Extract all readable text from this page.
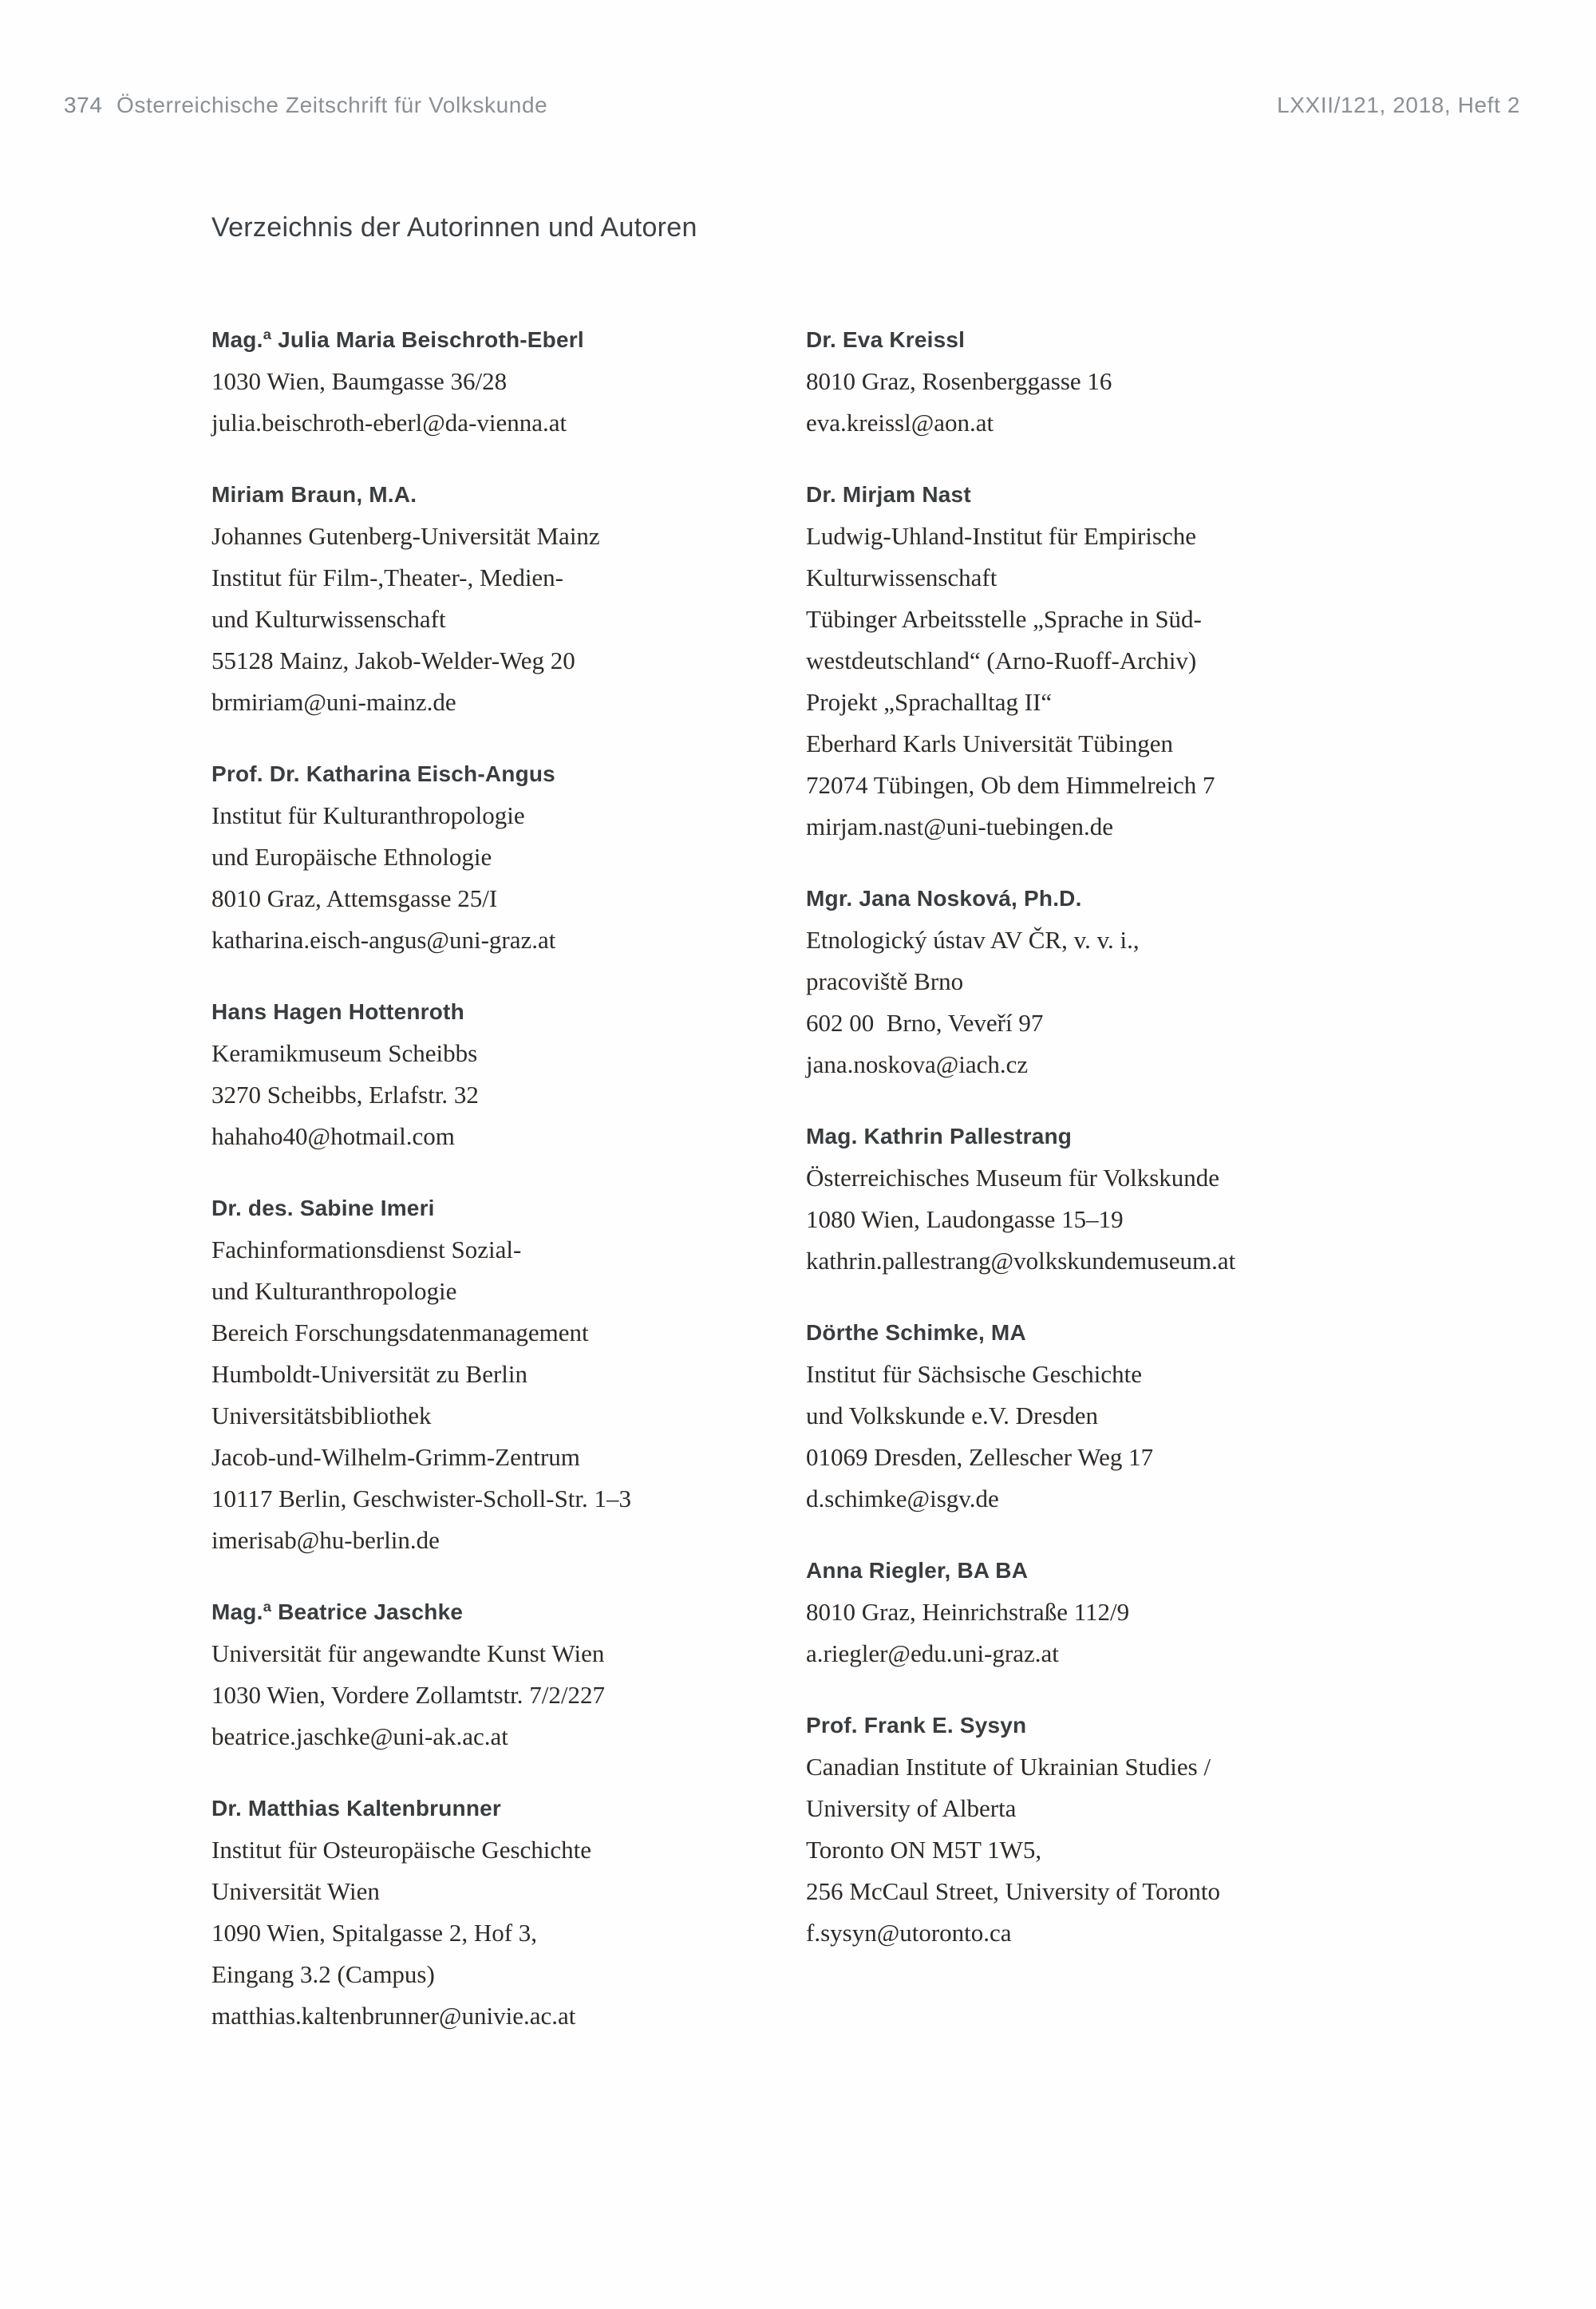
374 Österreichische Zeitschrift für Volkskunde	LXXII/121, 2018, Heft 2
Verzeichnis der Autorinnen und Autoren
Mag.ª Julia Maria Beischroth-Eberl
1030 Wien, Baumgasse 36/28
julia.beischroth-eberl@da-vienna.at
Miriam Braun, M.A.
Johannes Gutenberg-Universität Mainz
Institut für Film-,Theater-, Medien-
und Kulturwissenschaft
55128 Mainz, Jakob-Welder-Weg 20
brmiriam@uni-mainz.de
Prof. Dr. Katharina Eisch-Angus
Institut für Kulturanthropologie
und Europäische Ethnologie
8010 Graz, Attemsgasse 25/I
katharina.eisch-angus@uni-graz.at
Hans Hagen Hottenroth
Keramikmuseum Scheibbs
3270 Scheibbs, Erlafstr. 32
hahaho40@hotmail.com
Dr. des. Sabine Imeri
Fachinformationsdienst Sozial-
und Kulturanthropologie
Bereich Forschungsdatenmanagement
Humboldt-Universität zu Berlin
Universitätsbibliothek
Jacob-und-Wilhelm-Grimm-Zentrum
10117 Berlin, Geschwister-Scholl-Str. 1–3
imerisab@hu-berlin.de
Mag.ª Beatrice Jaschke
Universität für angewandte Kunst Wien
1030 Wien, Vordere Zollamtstr. 7/2/227
beatrice.jaschke@uni-ak.ac.at
Dr. Matthias Kaltenbrunner
Institut für Osteuropäische Geschichte
Universität Wien
1090 Wien, Spitalgasse 2, Hof 3,
Eingang 3.2 (Campus)
matthias.kaltenbrunner@univie.ac.at
Dr. Eva Kreissl
8010 Graz, Rosenberggasse 16
eva.kreissl@aon.at
Dr. Mirjam Nast
Ludwig-Uhland-Institut für Empirische
Kulturwissenschaft
Tübinger Arbeitsstelle „Sprache in Süd-
westdeutschland“ (Arno-Ruoff-Archiv)
Projekt „Sprachalltag II“
Eberhard Karls Universität Tübingen
72074 Tübingen, Ob dem Himmelreich 7
mirjam.nast@uni-tuebingen.de
Mgr. Jana Nosková, Ph.D.
Etnologický ústav AV ČR, v. v. i.,
pracoviště Brno
602 00  Brno, Veveří 97
jana.noskova@iach.cz
Mag. Kathrin Pallestrang
Österreichisches Museum für Volkskunde
1080 Wien, Laudongasse 15–19
kathrin.pallestrang@volkskundemuseum.at
Dörthe Schimke, MA
Institut für Sächsische Geschichte
und Volkskunde e.V. Dresden
01069 Dresden, Zellescher Weg 17
d.schimke@isgv.de
Anna Riegler, BA BA
8010 Graz, Heinrichstraße 112/9
a.riegler@edu.uni-graz.at
Prof. Frank E. Sysyn
Canadian Institute of Ukrainian Studies /
University of Alberta
Toronto ON M5T 1W5,
256 McCaul Street, University of Toronto
f.sysyn@utoronto.ca
